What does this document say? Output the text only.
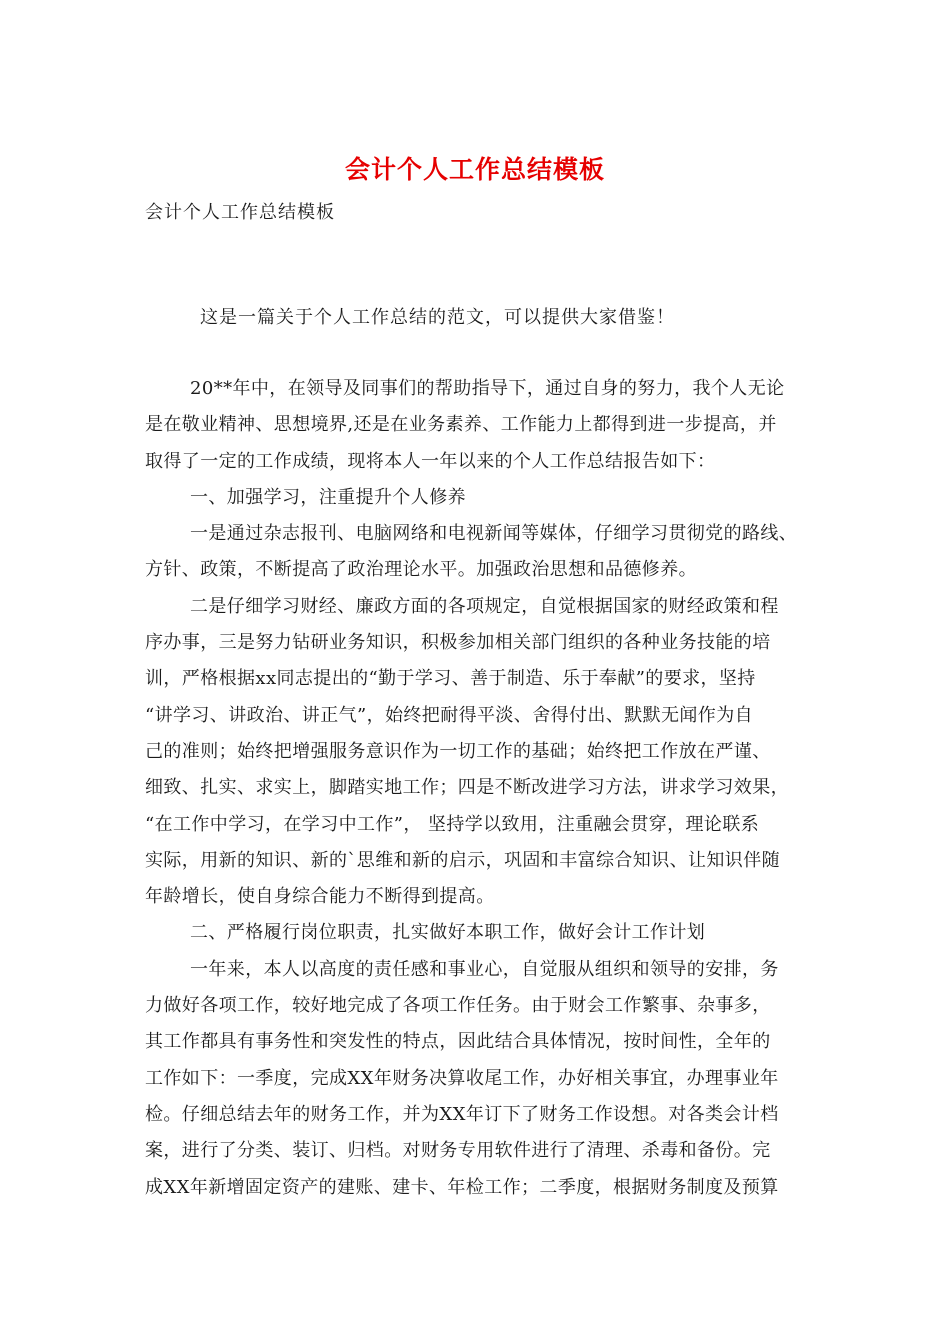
会计个人工作总结模板
会计个人工作总结模板
这是一篇关于个人工作总结的范文，可以提供大家借鉴！
20**年中，在领导及同事们的帮助指导下，通过自身的努力，我个人无论
是在敬业精神、思想境界,还是在业务素养、工作能力上都得到进一步提高，并
取得了一定的工作成绩，现将本人一年以来的个人工作总结报告如下：
一、加强学习，注重提升个人修养
一是通过杂志报刊、电脑网络和电视新闻等媒体，仔细学习贯彻党的路线、
方针、政策，不断提高了政治理论水平。加强政治思想和品德修养。
二是仔细学习财经、廉政方面的各项规定，自觉根据国家的财经政策和程
序办事，三是努力钻研业务知识，积极参加相关部门组织的各种业务技能的培
训，严格根据xx同志提出的“勤于学习、善于制造、乐于奉献”的要求，坚持
“讲学习、讲政治、讲正气”，始终把耐得平淡、舍得付出、默默无闻作为自
己的准则；始终把增强服务意识作为一切工作的基础；始终把工作放在严谨、
细致、扎实、求实上，脚踏实地工作；四是不断改进学习方法，讲求学习效果，
“在工作中学习，在学习中工作”， 坚持学以致用，注重融会贯穿，理论联系
实际，用新的知识、新的`思维和新的启示，巩固和丰富综合知识、让知识伴随
年龄增长，使自身综合能力不断得到提高。
二、严格履行岗位职责，扎实做好本职工作，做好会计工作计划
一年来，本人以高度的责任感和事业心，自觉服从组织和领导的安排，务
力做好各项工作，较好地完成了各项工作任务。由于财会工作繁事、杂事多，
其工作都具有事务性和突发性的特点，因此结合具体情况，按时间性，全年的
工作如下：一季度，完成XX年财务决算收尾工作，办好相关事宜，办理事业年
检。仔细总结去年的财务工作，并为XX年订下了财务工作设想。对各类会计档
案，进行了分类、装订、归档。对财务专用软件进行了清理、杀毒和备份。完
成XX年新增固定资产的建账、建卡、年检工作；二季度，根据财务制度及预算
